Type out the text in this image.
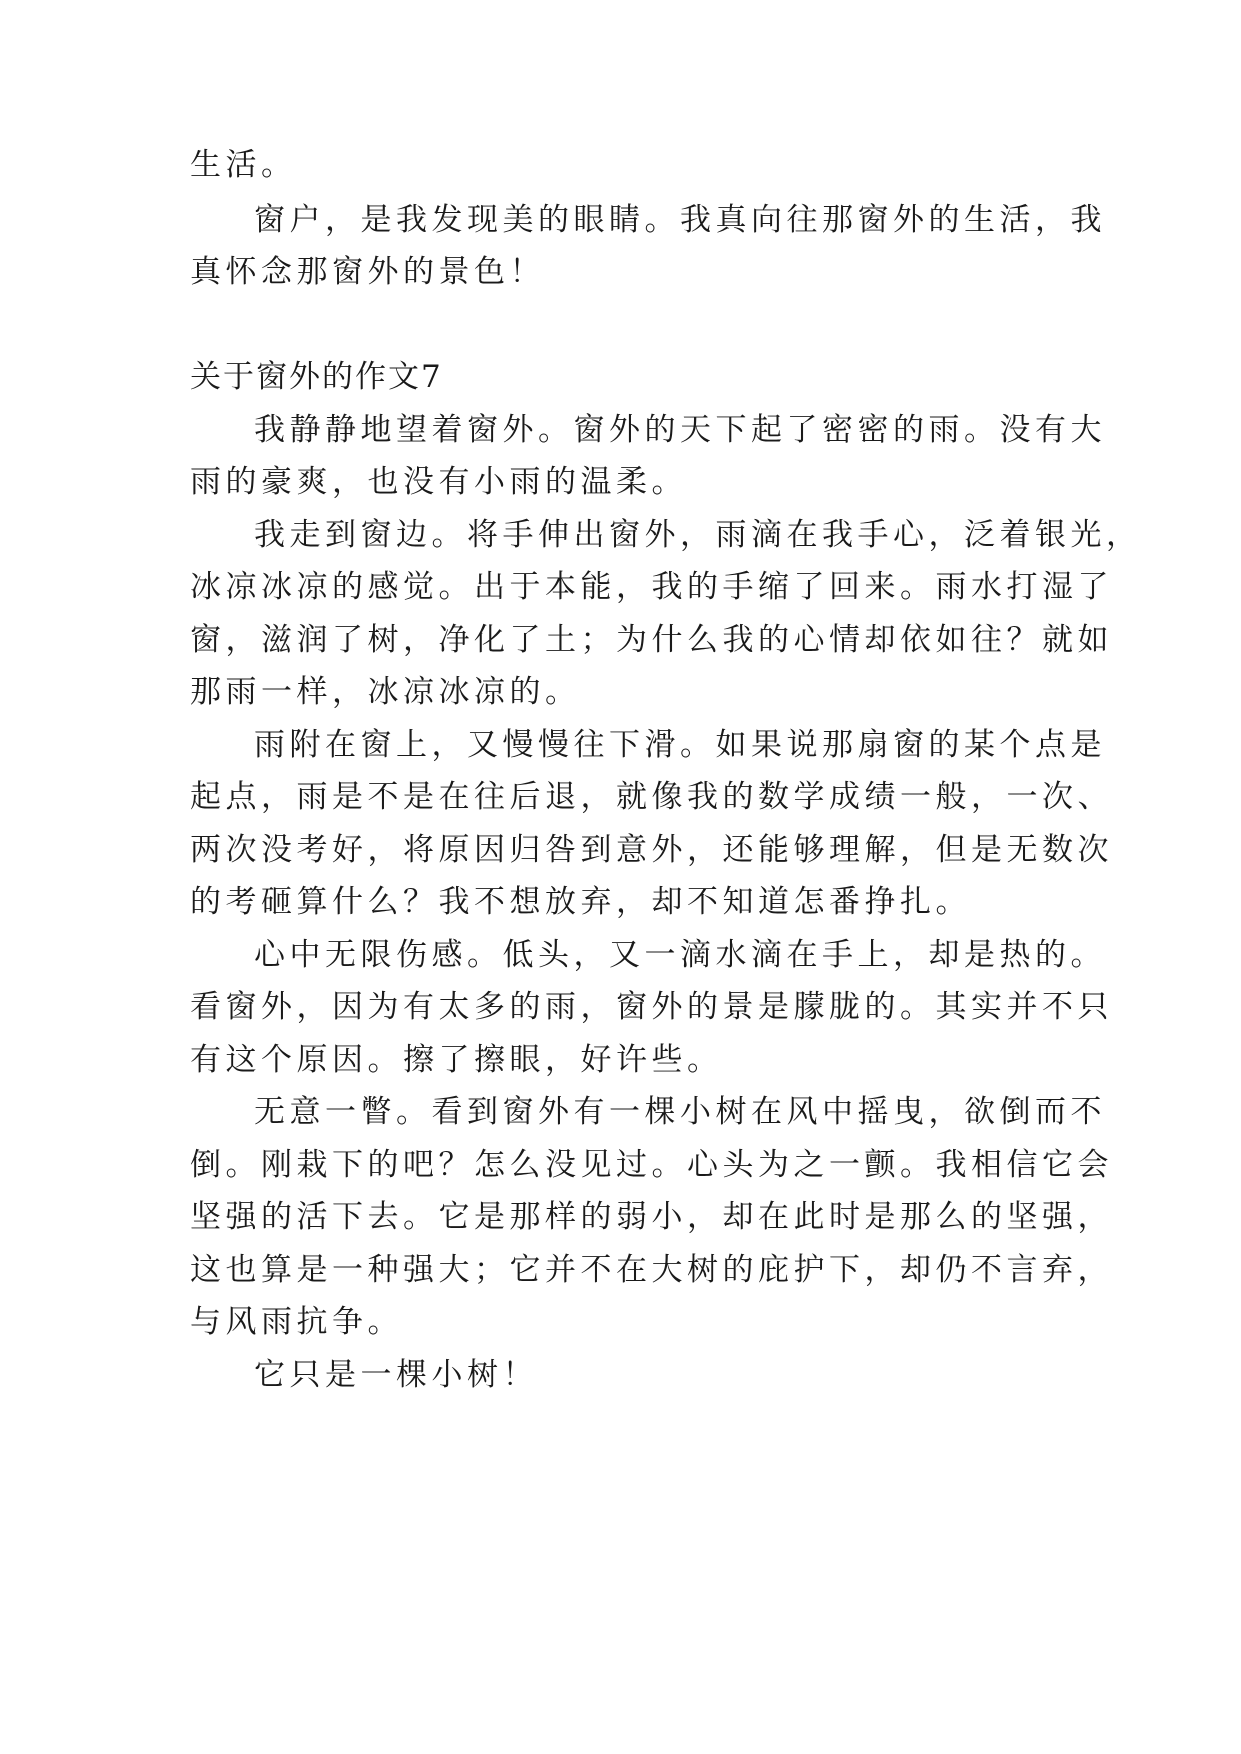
生活。
窗户，是我发现美的眼睛。我真向往那窗外的生活，我
真怀念那窗外的景色！
关于窗外的作文7
我静静地望着窗外。窗外的天下起了密密的雨。没有大
雨的豪爽，也没有小雨的温柔。
我走到窗边。将手伸出窗外，雨滴在我手心，泛着银光，
冰凉冰凉的感觉。出于本能，我的手缩了回来。雨水打湿了
窗，滋润了树，净化了土；为什么我的心情却依如往？就如
那雨一样，冰凉冰凉的。
雨附在窗上，又慢慢往下滑。如果说那扇窗的某个点是
起点，雨是不是在往后退，就像我的数学成绩一般，一次、
两次没考好，将原因归咎到意外，还能够理解，但是无数次
的考砸算什么？我不想放弃，却不知道怎番挣扎。
心中无限伤感。低头，又一滴水滴在手上，却是热的。
看窗外，因为有太多的雨，窗外的景是朦胧的。其实并不只
有这个原因。擦了擦眼，好许些。
无意一瞥。看到窗外有一棵小树在风中摇曳，欲倒而不
倒。刚栽下的吧？怎么没见过。心头为之一颤。我相信它会
坚强的活下去。它是那样的弱小，却在此时是那么的坚强，
这也算是一种强大；它并不在大树的庇护下，却仍不言弃，
与风雨抗争。
它只是一棵小树！
